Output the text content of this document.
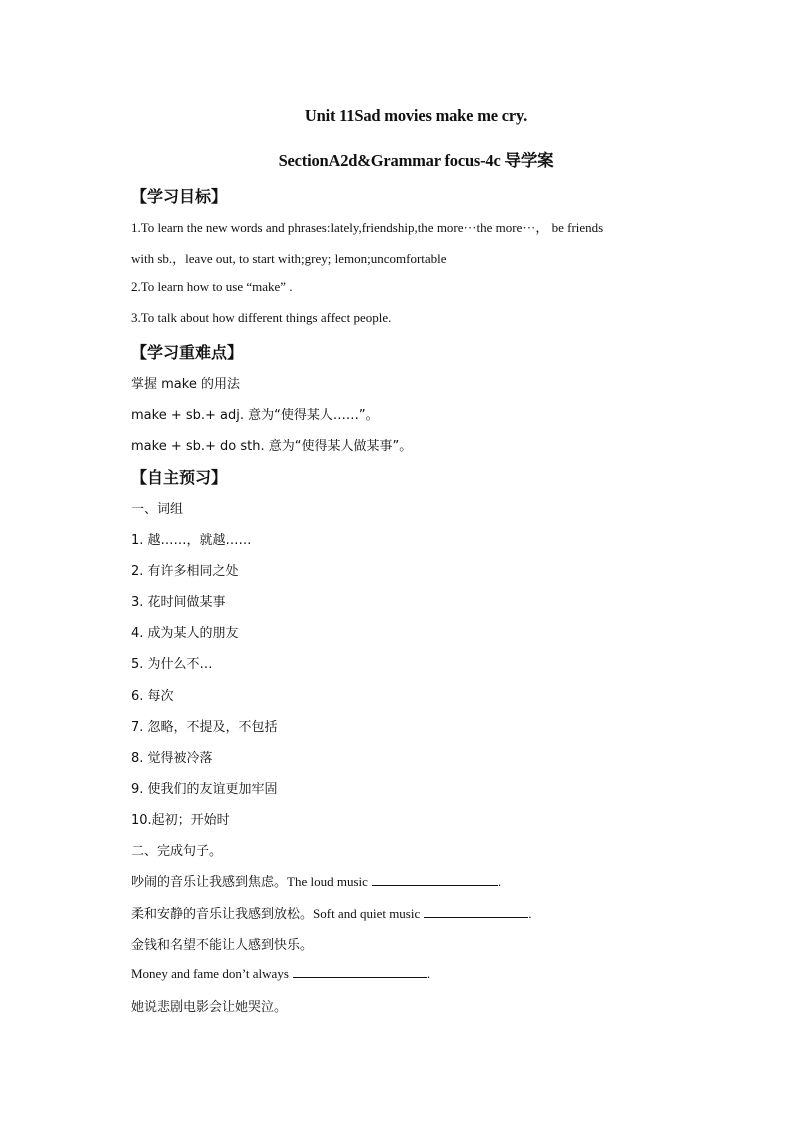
Unit 11Sad movies make me cry.
SectionA2d&Grammar focus-4c 导学案
【学习目标】
1.To learn the new words and phrases:lately,friendship,the more···the more···， be friends
with sb.，leave out, to start with;grey; lemon;uncomfortable
2.To learn how to use “make” .
3.To talk about how different things affect people.
【学习重难点】
掌握 make 的用法
make + sb.+ adj. 意为“使得某人……”。
make + sb.+ do sth. 意为“使得某人做某事”。
【自主预习】
一、词组
1. 越……，就越……
2. 有许多相同之处
3. 花时间做某事
4. 成为某人的朋友
5. 为什么不…
6. 每次
7. 忽略，不提及，不包括
8. 觉得被冷落
9. 使我们的友谊更加牢固
10.起初；开始时
二、完成句子。
吵闹的音乐让我感到焦虑。The loud music	.
柔和安静的音乐让我感到放松。Soft and quiet music	.
金钱和名望不能让人感到快乐。
Money and fame don’t always	.
她说悲剧电影会让她哭泣。
